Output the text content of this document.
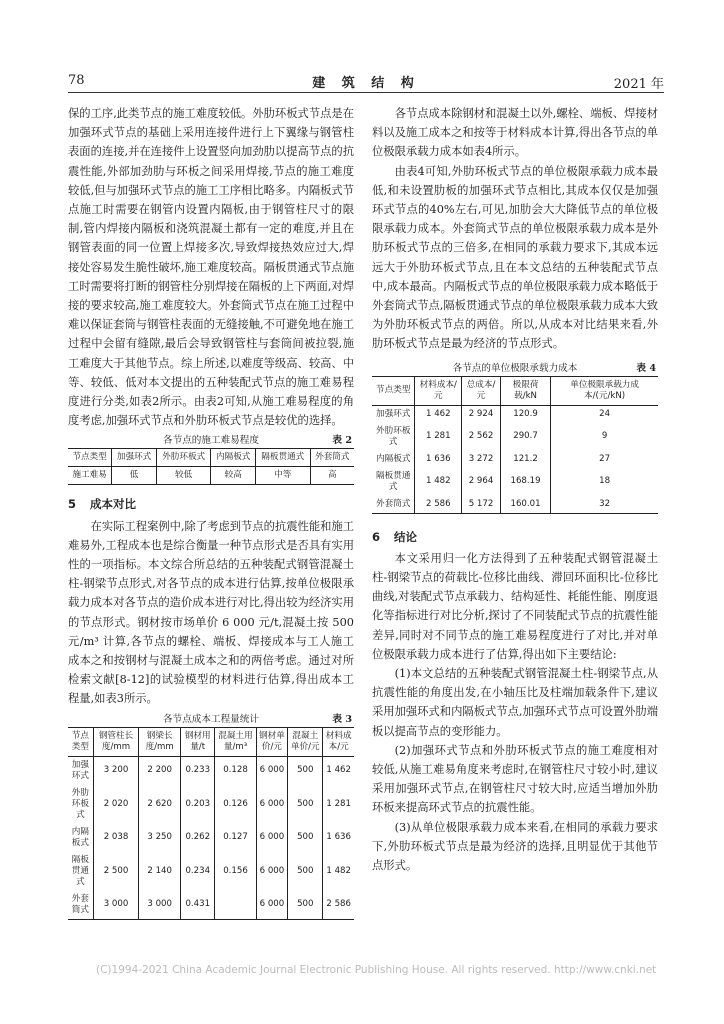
78	建 筑 结 构	2021 年

保的工序,此类节点的施工难度较低。外肋环板式节点是在加强环式节点的基础上采用连接件进行上下翼缘与钢管柱表面的连接,并在连接件上设置竖向加劲肋以提高节点的抗震性能,外部加劲肋与环板之间采用焊接,节点的施工难度较低,但与加强环式节点的施工工序相比略多。内隔板式节点施工时需要在钢管内设置内隔板,由于钢管柱尺寸的限制,管内焊接内隔板和浇筑混凝土都有一定的难度,并且在钢管表面的同一位置上焊接多次,导致焊接热效应过大,焊接处容易发生脆性破坏,施工难度较高。隔板贯通式节点施工时需要将打断的钢管柱分别焊接在隔板的上下两面,对焊接的要求较高,施工难度较大。外套筒式节点在施工过程中难以保证套筒与钢管柱表面的无缝接触,不可避免地在施工过程中会留有缝隙,最后会导致钢管柱与套筒间被拉裂,施工难度大于其他节点。综上所述,以难度等级高、较高、中等、较低、低对本文提出的五种装配式节点的施工难易程度进行分类,如表2所示。由表2可知,从施工难易程度的角度考虑,加强环式节点和外肋环板式节点是较优的选择。

各节点的施工难易程度	表 2
节点类型	加强环式	外肋环板式	内隔板式	隔板贯通式	外套筒式
施工难易	低	较低	较高	中等	高
5 成本对比

在实际工程案例中,除了考虑到节点的抗震性能和施工难易外,工程成本也是综合衡量一种节点形式是否具有实用性的一项指标。本文综合所总结的五种装配式钢管混凝土柱-钢梁节点形式,对各节点的成本进行估算,按单位极限承载力成本对各节点的造价成本进行对比,得出较为经济实用的节点形式。钢材按市场单价 6 000 元/t,混凝土按 500 元/m³ 计算,各节点的螺栓、端板、焊接成本与工人施工成本之和按钢材与混凝土成本之和的两倍考虑。通过对所检索文献[8-12]的试验模型的材料进行估算,得出成本工程量,如表3所示。

各节点成本工程量统计	表 3
节点类型	钢管柱长度/mm	钢梁长度/mm	钢材用量/t	混凝土用量/m³	钢材单价/元	混凝土单价/元	材料成本/元
加强环式	3 200	2 200	0.233	0.128	6 000	500	1 462
外肋环板式	2 020	2 620	0.203	0.126	6 000	500	1 281
内隔板式	2 038	3 250	0.262	0.127	6 000	500	1 636
隔板贯通式	2 500	2 140	0.234	0.156	6 000	500	1 482
外套筒式	3 000	3 000	0.431		6 000	500	2 586

各节点成本除钢材和混凝土以外,螺栓、端板、焊接材料以及施工成本之和按等于材料成本计算,得出各节点的单位极限承载力成本如表4所示。

由表4可知,外肋环板式节点的单位极限承载力成本最低,和未设置肋板的加强环式节点相比,其成本仅仅是加强环式节点的40%左右,可见,加肋会大大降低节点的单位极限承载力成本。外套筒式节点的单位极限承载力成本是外肋环板式节点的三倍多,在相同的承载力要求下,其成本远远大于外肋环板式节点,且在本文总结的五种装配式节点中,成本最高。内隔板式节点的单位极限承载力成本略低于外套筒式节点,隔板贯通式节点的单位极限承载力成本大致为外肋环板式节点的两倍。所以,从成本对比结果来看,外肋环板式节点是最为经济的节点形式。

各节点的单位极限承载力成本	表 4
节点类型	材料成本/元	总成本/元	极限荷载/kN	单位极限承载力成本/(元/kN)
加强环式	1 462	2 924	120.9	24
外肋环板式	1 281	2 562	290.7	9
内隔板式	1 636	3 272	121.2	27
隔板贯通式	1 482	2 964	168.19	18
外套筒式	2 586	5 172	160.01	32
6 结论

本文采用归一化方法得到了五种装配式钢管混凝土柱-钢梁节点的荷载比-位移比曲线、滞回环面积比-位移比曲线,对装配式节点承载力、结构延性、耗能性能、刚度退化等指标进行对比分析,探讨了不同装配式节点的抗震性能差异,同时对不同节点的施工难易程度进行了对比,并对单位极限承载力成本进行了估算,得出如下主要结论:

(1)本文总结的五种装配式钢管混凝土柱-钢梁节点,从抗震性能的角度出发,在小轴压比及柱端加载条件下,建议采用加强环式和内隔板式节点,加强环式节点可设置外肋端板以提高节点的变形能力。

(2)加强环式节点和外肋环板式节点的施工难度相对较低,从施工难易角度来考虑时,在钢管柱尺寸较小时,建议采用加强环式节点,在钢管柱尺寸较大时,应适当增加外肋环板来提高环式节点的抗震性能。

(3)从单位极限承载力成本来看,在相同的承载力要求下,外肋环板式节点是最为经济的选择,且明显优于其他节点形式。

(C)1994-2021 China Academic Journal Electronic Publishing House. All rights reserved. http://www.cnki.net
